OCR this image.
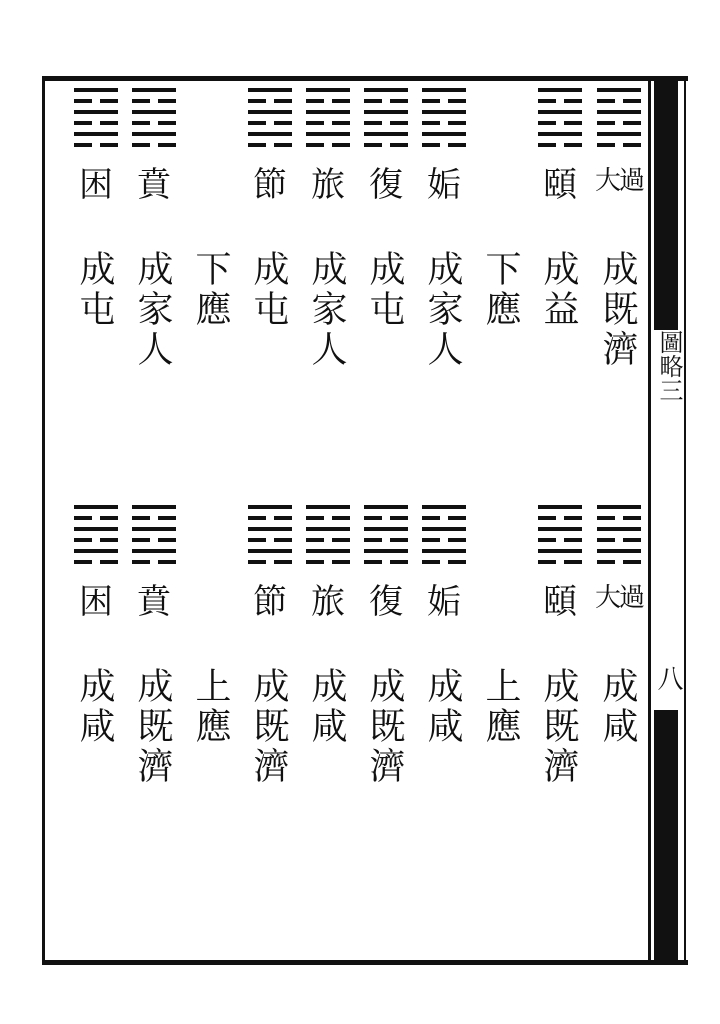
圖略三
八
大過
成既濟
頤
成益
下應
姤
成家人
復
成屯
旅
成家人
節
成屯
下應
賁
成家人
困
成屯
大過
成咸
頤
成既濟
上應
姤
成咸
復
成既濟
旅
成咸
節
成既濟
上應
賁
成既濟
困
成咸
